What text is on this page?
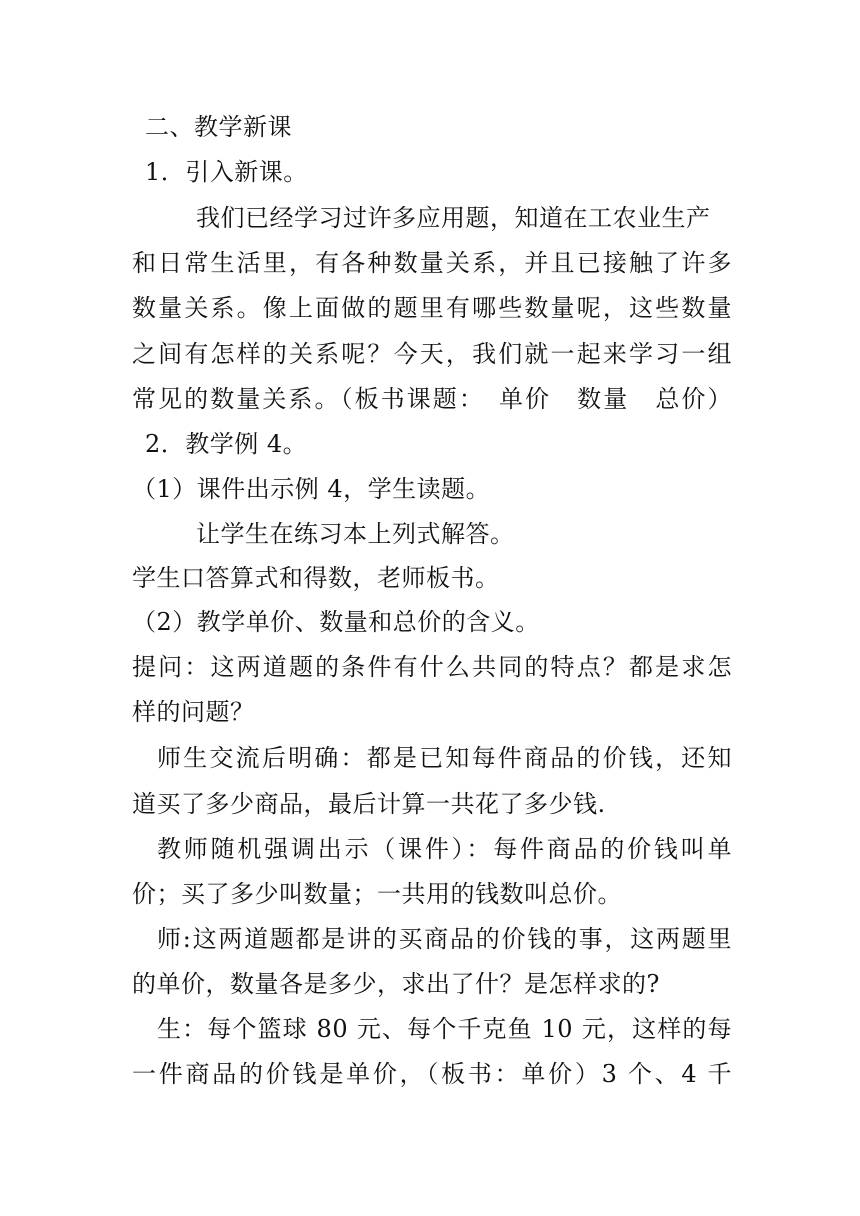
二、教学新课
1．引入新课。
我们已经学习过许多应用题，知道在工农业生产
和日常生活里，有各种数量关系，并且已接触了许多
数量关系。像上面做的题里有哪些数量呢，这些数量
之间有怎样的关系呢？今天，我们就一起来学习一组
常见的数量关系。（板书课题：　单价　数量　总价）
2．教学例 4。
（1）课件出示例 4，学生读题。
让学生在练习本上列式解答。
学生口答算式和得数，老师板书。
（2）教学单价、数量和总价的含义。
提问：这两道题的条件有什么共同的特点？都是求怎
样的问题？
师生交流后明确：都是已知每件商品的价钱，还知
道买了多少商品，最后计算一共花了多少钱.
教师随机强调出示（课件）：每件商品的价钱叫单
价；买了多少叫数量；一共用的钱数叫总价。
师:这两道题都是讲的买商品的价钱的事，这两题里
的单价，数量各是多少，求出了什？是怎样求的?
生：每个篮球 80 元、每个千克鱼 10 元，这样的每
一件商品的价钱是单价，（板书：单价）3 个、4 千
